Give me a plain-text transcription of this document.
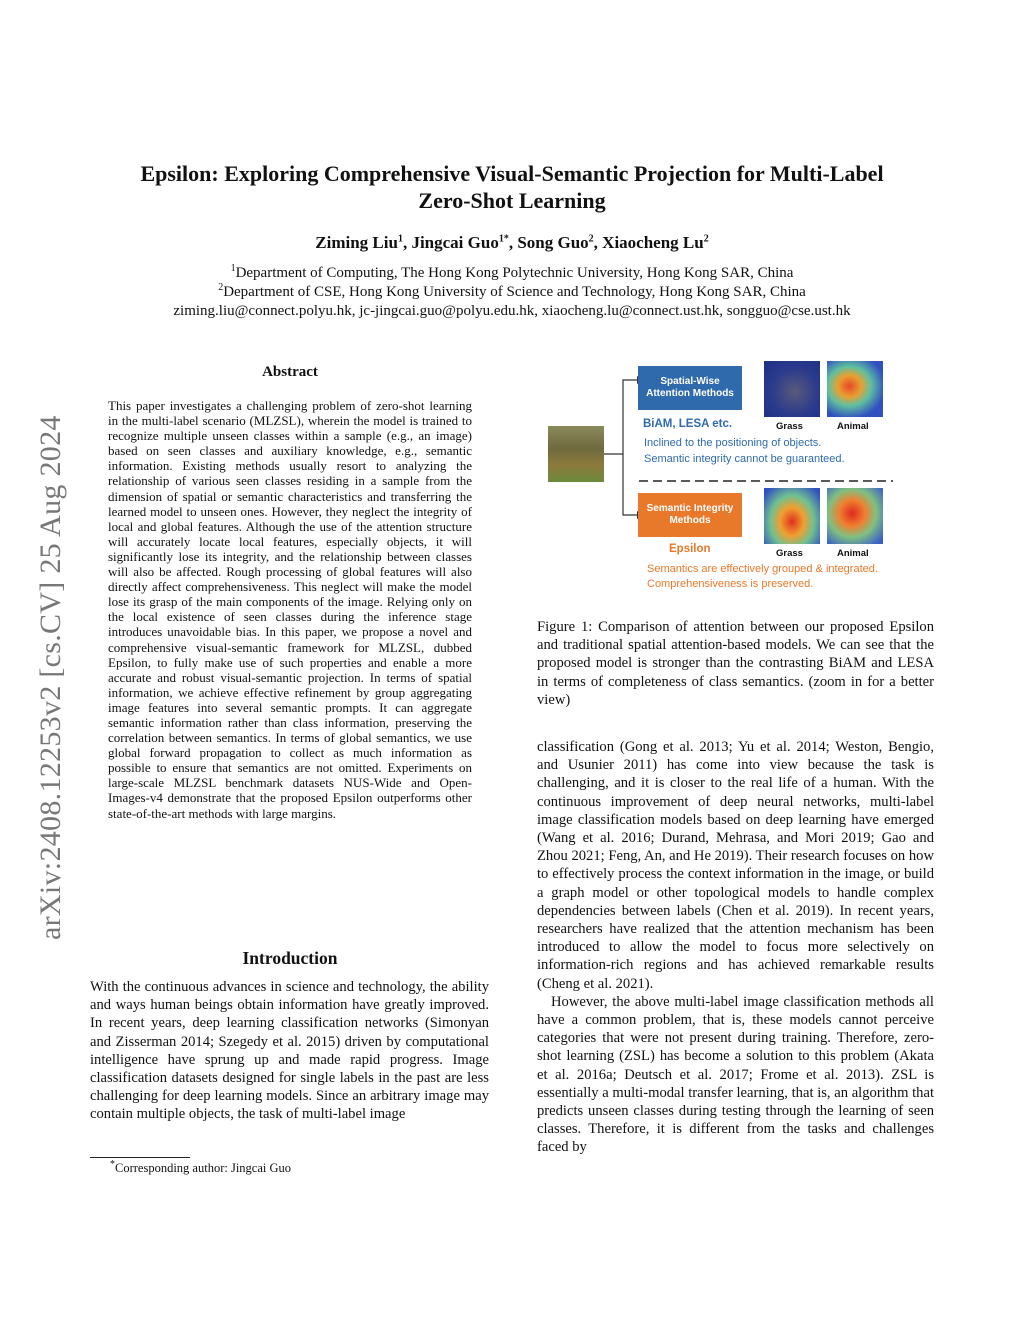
Epsilon: Exploring Comprehensive Visual-Semantic Projection for Multi-Label
Zero-Shot Learning
Ziming Liu$^1$, Jingcai Guo$^{1*}$, Song Guo$^2$, Xiaocheng Lu$^2$
$^1$Department of Computing, The Hong Kong Polytechnic University, Hong Kong SAR, China
$^2$Department of CSE, Hong Kong University of Science and Technology, Hong Kong SAR, China
ziming.liu@connect.polyu.hk, jc-jingcai.guo@polyu.edu.hk, xiaocheng.lu@connect.ust.hk, songguo@cse.ust.hk
arXiv:2408.12253v2 [cs.CV] 25 Aug 2024
Abstract
This paper investigates a challenging problem of zero-shot learning in the multi-label scenario (MLZSL), wherein the model is trained to recognize multiple unseen classes within a sample (e.g., an image) based on seen classes and auxiliary knowledge, e.g., semantic information. Existing methods usually resort to analyzing the relationship of various seen classes residing in a sample from the dimension of spatial or semantic characteristics and transferring the learned model to unseen ones. However, they neglect the integrity of local and global features. Although the use of the attention structure will accurately locate local features, especially objects, it will significantly lose its integrity, and the relationship between classes will also be affected. Rough processing of global features will also directly affect comprehensiveness. This neglect will make the model lose its grasp of the main components of the image. Relying only on the local existence of seen classes during the inference stage introduces unavoidable bias. In this paper, we propose a novel and comprehensive visual-semantic framework for MLZSL, dubbed Epsilon, to fully make use of such properties and enable a more accurate and robust visual-semantic projection. In terms of spatial information, we achieve effective refinement by group aggregating image features into several semantic prompts. It can aggregate semantic information rather than class information, preserving the correlation between semantics. In terms of global semantics, we use global forward propagation to collect as much information as possible to ensure that semantics are not omitted. Experiments on large-scale MLZSL benchmark datasets NUS-Wide and Open-Images-v4 demonstrate that the proposed Epsilon outperforms other state-of-the-art methods with large margins.
Introduction
With the continuous advances in science and technology, the ability and ways human beings obtain information have greatly improved. In recent years, deep learning classification networks (Simonyan and Zisserman 2014; Szegedy et al. 2015) driven by computational intelligence have sprung up and made rapid progress. Image classification datasets designed for single labels in the past are less challenging for deep learning models. Since an arbitrary image may contain multiple objects, the task of multi-label image
*Corresponding author: Jingcai Guo
Spatial-Wise Attention Methods
Grass	Animal
BiAM, LESA etc.
Inclined to the positioning of objects.
Semantic integrity cannot be guaranteed.
Semantic Integrity Methods
Grass	Animal
Epsilon
Semantics are effectively grouped & integrated.
Comprehensiveness is preserved.
Figure 1: Comparison of attention between our proposed Epsilon and traditional spatial attention-based models. We can see that the proposed model is stronger than the contrasting BiAM and LESA in terms of completeness of class semantics. (zoom in for a better view)

classification (Gong et al. 2013; Yu et al. 2014; Weston, Bengio, and Usunier 2011) has come into view because the task is challenging, and it is closer to the real life of a human. With the continuous improvement of deep neural networks, multi-label image classification models based on deep learning have emerged (Wang et al. 2016; Durand, Mehrasa, and Mori 2019; Gao and Zhou 2021; Feng, An, and He 2019). Their research focuses on how to effectively process the context information in the image, or build a graph model or other topological models to handle complex dependencies between labels (Chen et al. 2019). In recent years, researchers have realized that the attention mechanism has been introduced to allow the model to focus more selectively on information-rich regions and has achieved remarkable results (Cheng et al. 2021).

However, the above multi-label image classification methods all have a common problem, that is, these models cannot perceive categories that were not present during training. Therefore, zero-shot learning (ZSL) has become a solution to this problem (Akata et al. 2016a; Deutsch et al. 2017; Frome et al. 2013). ZSL is essentially a multi-modal transfer learning, that is, an algorithm that predicts unseen classes during testing through the learning of seen classes. Therefore, it is different from the tasks and challenges faced by
